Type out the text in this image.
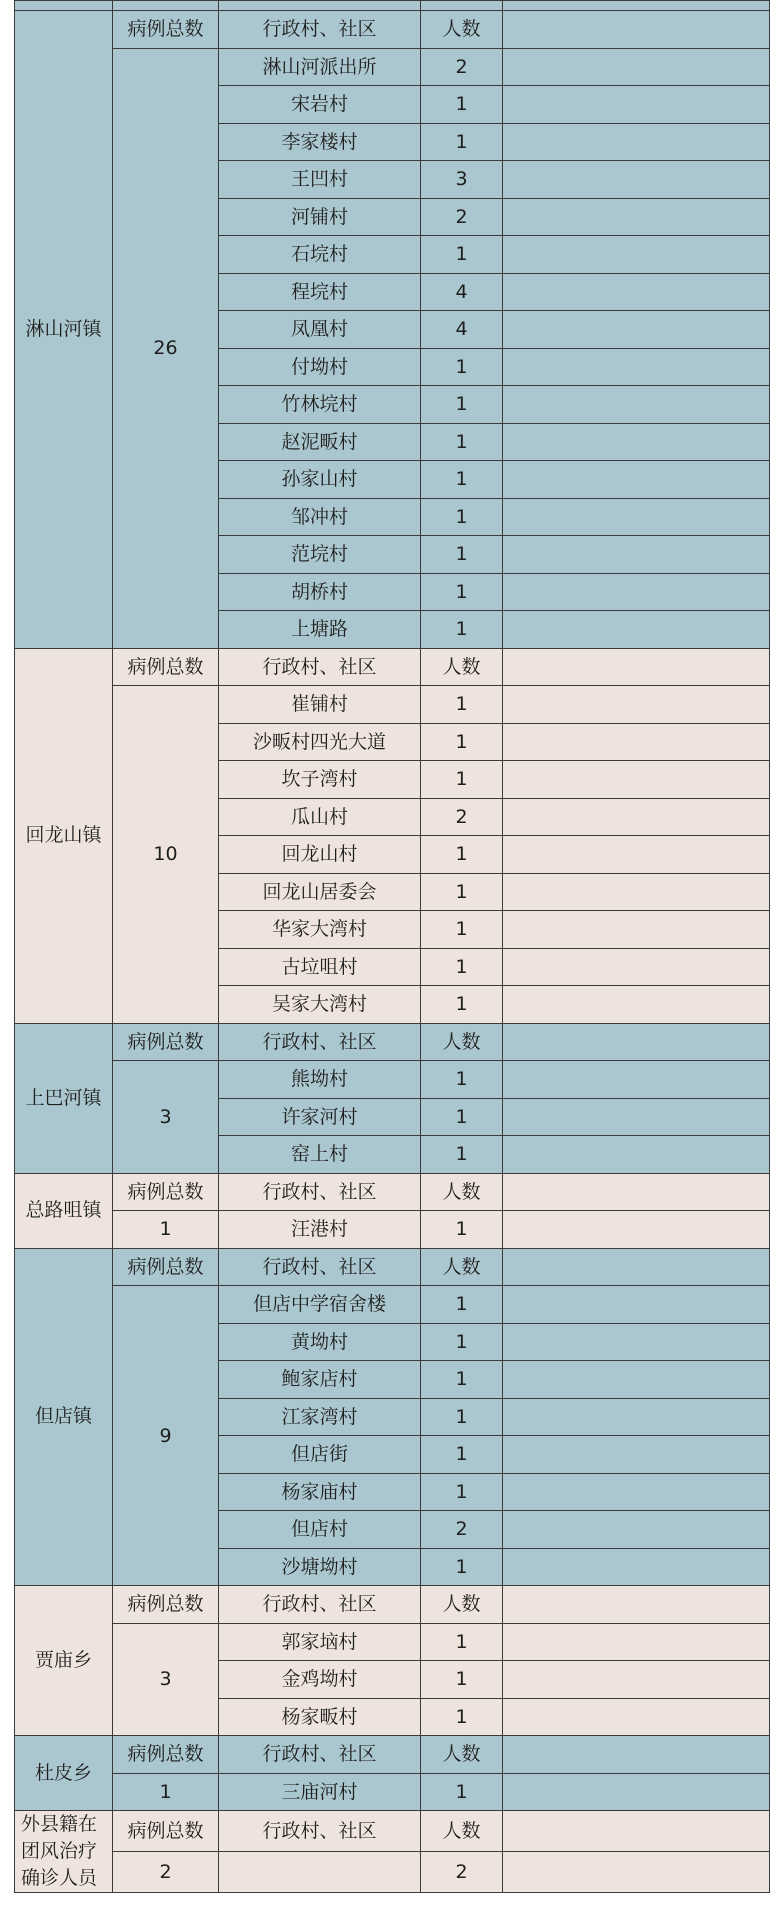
淋山河镇	病例总数	行政村、社区	人数	
	26	淋山河派出所	2	
		宋岩村	1	
		李家楼村	1	
		王凹村	3	
		河铺村	2	
		石垸村	1	
		程垸村	4	
		凤凰村	4	
		付坳村	1	
		竹林垸村	1	
		赵泥畈村	1	
		孙家山村	1	
		邹冲村	1	
		范垸村	1	
		胡桥村	1	
		上塘路	1	
回龙山镇	病例总数	行政村、社区	人数	
	10	崔铺村	1	
		沙畈村四光大道	1	
		坎子湾村	1	
		瓜山村	2	
		回龙山村	1	
		回龙山居委会	1	
		华家大湾村	1	
		古垃咀村	1	
		吴家大湾村	1	
上巴河镇	病例总数	行政村、社区	人数	
	3	熊坳村	1	
		许家河村	1	
		窑上村	1	
总路咀镇	病例总数	行政村、社区	人数	
	1	汪港村	1	
但店镇	病例总数	行政村、社区	人数	
	9	但店中学宿舍楼	1	
		黄坳村	1	
		鲍家店村	1	
		江家湾村	1	
		但店街	1	
		杨家庙村	1	
		但店村	2	
		沙塘坳村	1	
贾庙乡	病例总数	行政村、社区	人数	
	3	郭家垴村	1	
		金鸡坳村	1	
		杨家畈村	1	
杜皮乡	病例总数	行政村、社区	人数	
	1	三庙河村	1	
外县籍在团风治疗确诊人员	病例总数	行政村、社区	人数	
	2		2	
